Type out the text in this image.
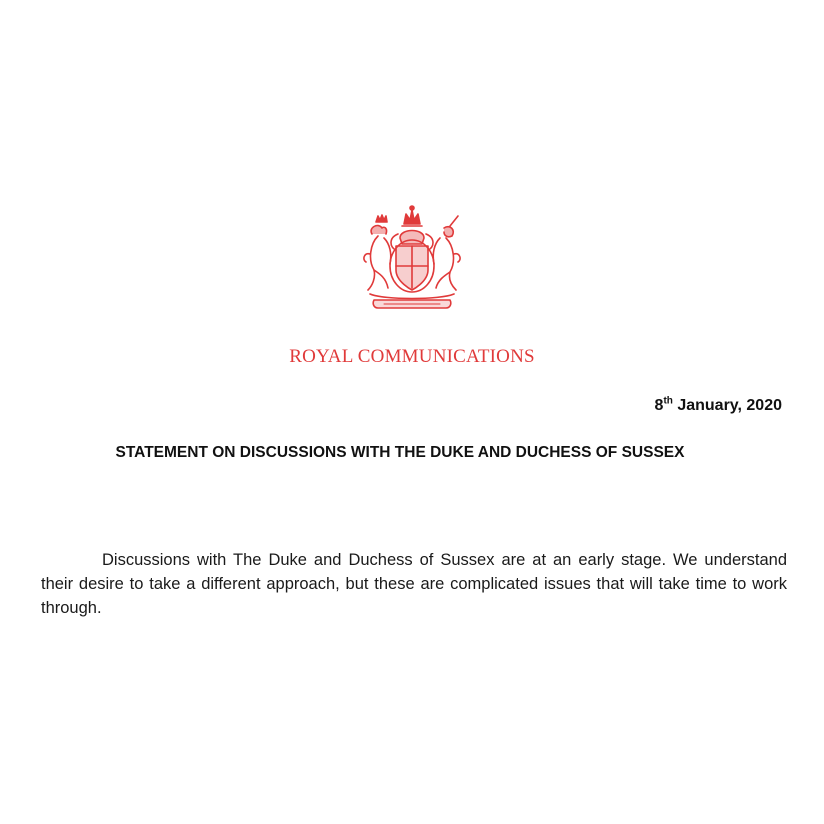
ROYAL COMMUNICATIONS
8th January, 2020
STATEMENT ON DISCUSSIONS WITH THE DUKE AND DUCHESS OF SUSSEX

Discussions with The Duke and Duchess of Sussex are at an early stage. We understand their desire to take a different approach, but these are complicated issues that will take time to work through.
